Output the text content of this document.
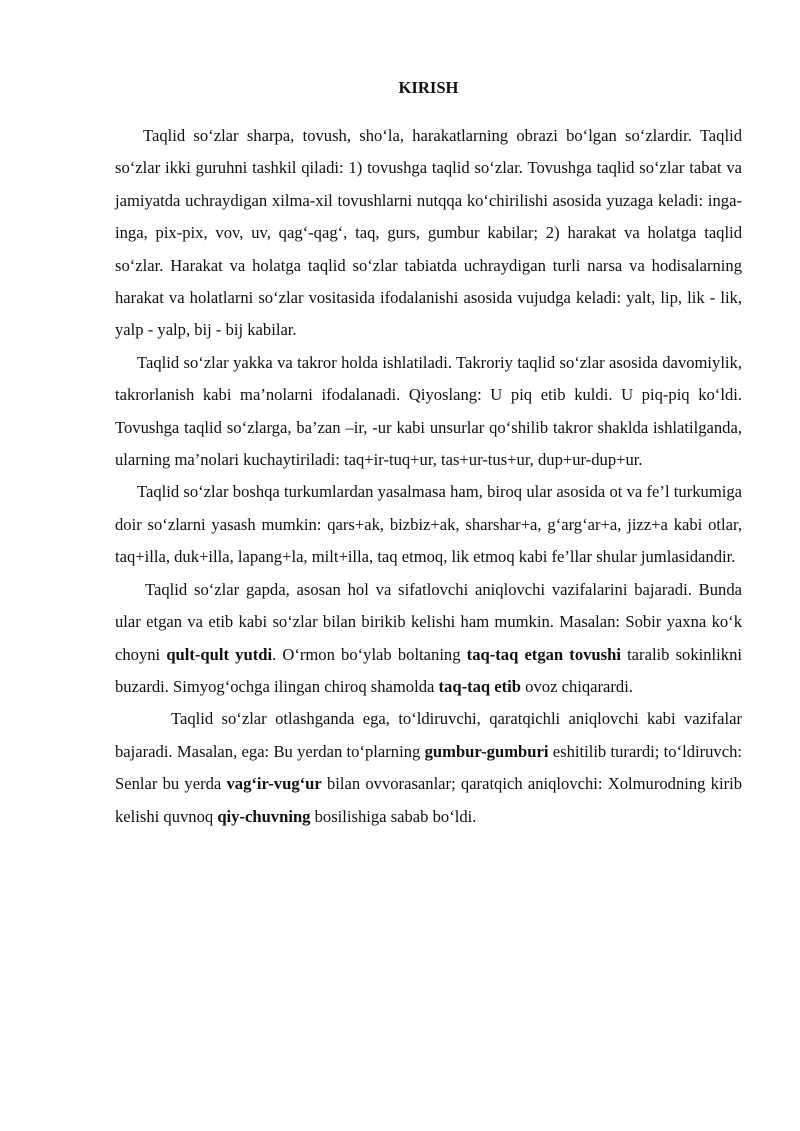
KIRISH

Taqlid so‘zlar sharpa, tovush, sho‘la, harakatlarning obrazi bo‘lgan so‘zlardir. Taqlid so‘zlar ikki guruhni tashkil qiladi: 1) tovushga taqlid so‘zlar. Tovushga taqlid so‘zlar tabat va jamiyatda uchraydigan xilma-xil tovushlarni nutqqa ko‘chirilishi asosida yuzaga keladi: inga-inga, pix-pix, vov, uv, qag‘-qag‘, taq, gurs, gumbur kabilar; 2) harakat va holatga taqlid so‘zlar. Harakat va holatga taqlid so‘zlar tabiatda uchraydigan turli narsa va hodisalarning harakat va holatlarni so‘zlar vositasida ifodalanishi asosida vujudga keladi: yalt, lip, lik - lik, yalp - yalp, bij - bij kabilar.

Taqlid so‘zlar yakka va takror holda ishlatiladi. Takroriy taqlid so‘zlar asosida davomiylik, takrorlanish kabi ma’nolarni ifodalanadi. Qiyoslang: U piq etib kuldi. U piq-piq ko‘ldi. Tovushga taqlid so‘zlarga, ba’zan –ir, -ur kabi unsurlar qo‘shilib takror shaklda ishlatilganda, ularning ma’nolari kuchaytiriladi: taq+ir-tuq+ur, tas+ur-tus+ur, dup+ur-dup+ur.

Taqlid so‘zlar boshqa turkumlardan yasalmasa ham, biroq ular asosida ot va fe’l turkumiga doir so‘zlarni yasash mumkin: qars+ak, bizbiz+ak, sharshar+a, g‘arg‘ar+a, jizz+a kabi otlar, taq+illa, duk+illa, lapang+la, milt+illa, taq etmoq, lik etmoq kabi fe’llar shular jumlasidandir.

Taqlid so‘zlar gapda, asosan hol va sifatlovchi aniqlovchi vazifalarini bajaradi. Bunda ular etgan va etib kabi so‘zlar bilan birikib kelishi ham mumkin. Masalan: Sobir yaxna ko‘k choyni qult-qult yutdi. O‘rmon bo‘ylab boltaning taq-taq etgan tovushi taralib sokinlikni buzardi. Simyog‘ochga ilingan chiroq shamolda taq-taq etib ovoz chiqarardi.

Taqlid so‘zlar otlashganda ega, to‘ldiruvchi, qaratqichli aniqlovchi kabi vazifalar bajaradi. Masalan, ega: Bu yerdan to‘plarning gumbur-gumburi eshitilib turardi; to‘ldiruvch: Senlar bu yerda vag‘ir-vug‘ur bilan ovvorasanlar; qaratqich aniqlovchi: Xolmurodning kirib kelishi quvnoq qiy-chuvning bosilishiga sabab bo‘ldi.
